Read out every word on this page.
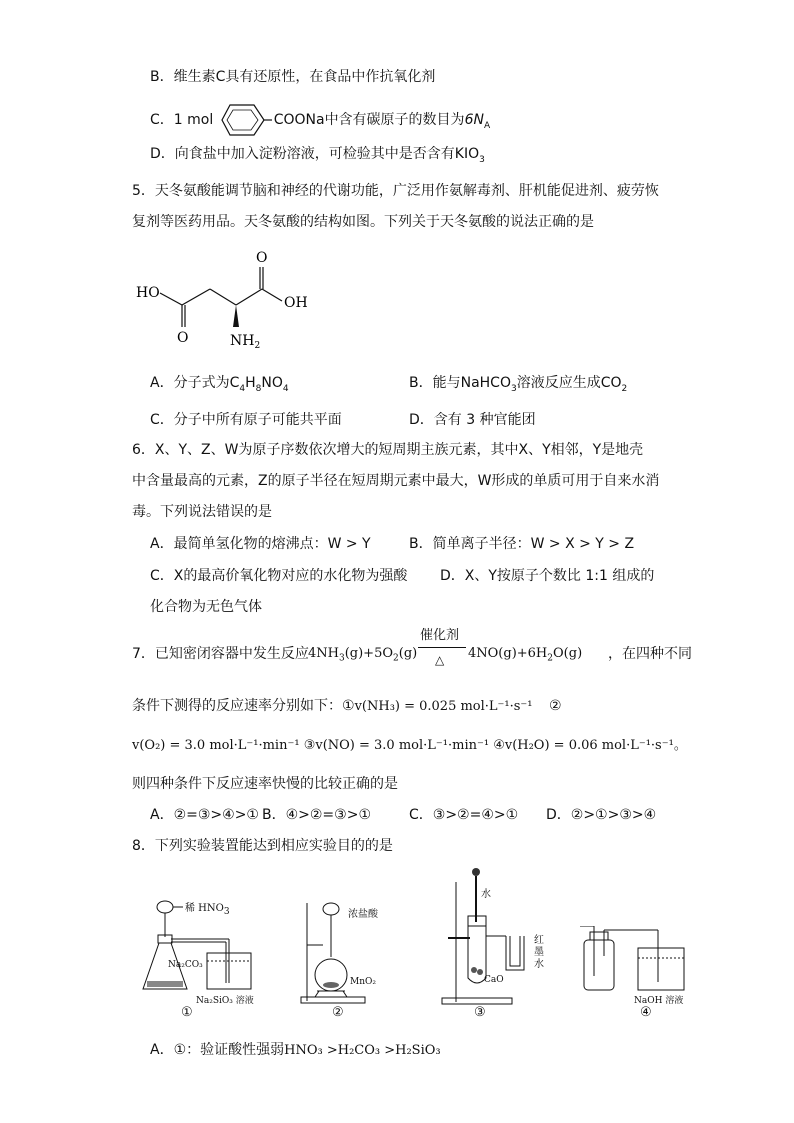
B．维生素C具有还原性，在食品中作抗氧化剂
C．1 mol	COONa中含有碳原子的数目为$6N_A$
D．向食盐中加入淀粉溶液，可检验其中是否含有$KIO_3$
5．天冬氨酸能调节脑和神经的代谢功能，广泛用作氨解毒剂、肝机能促进剂、疲劳恢
复剂等医药用品。天冬氨酸的结构如图。下列关于天冬氨酸的说法正确的是
HO
O
O
OH
$NH_2$
A．分子式为$C_4H_8NO_4$	B．能与NaHCO$_3$溶液反应生成$CO_2$
C．分子中所有原子可能共平面	D．含有 3 种官能团
6．X、Y、Z、W为原子序数依次增大的短周期主族元素，其中X、Y相邻，Y是地壳
中含量最高的元素，Z的原子半径在短周期元素中最大，W形成的单质可用于自来水消
毒。下列说法错误的是
A．最简单氢化物的熔沸点：W > Y	B．简单离子半径：W > X > Y > Z
C．X的最高价氧化物对应的水化物为强酸 D．X、Y按原子个数比 1:1 组成的
化合物为无色气体
7．已知密闭容器中发生反应 $4NH_3(g)+5O_2(g)$
催化剂
△ $4NO(g)+6H_2O(g)$ ，在四种不同
条件下测得的反应速率分别如下：①v(NH₃) = 0.025 mol·L⁻¹·s⁻¹ ②
v(O₂) = 3.0 mol·L⁻¹·min⁻¹ ③v(NO) = 3.0 mol·L⁻¹·min⁻¹ ④v(H₂O) = 0.06 mol·L⁻¹·s⁻¹。
则四种条件下反应速率快慢的比较正确的是
A．②=③>④>① B．④>②=③>①	C．③>②=④>① D．②>①>③>④
8．下列实验装置能达到相应实验目的的是
稀 $HNO_3$
Na₂CO₃
Na₂SiO₃ 溶液
①
浓盐酸
MnO₂
②
水
红墨水
CaO
③
NaOH 溶液
④
A．①：验证酸性强弱HNO₃ >H₂CO₃ >H₂SiO₃
